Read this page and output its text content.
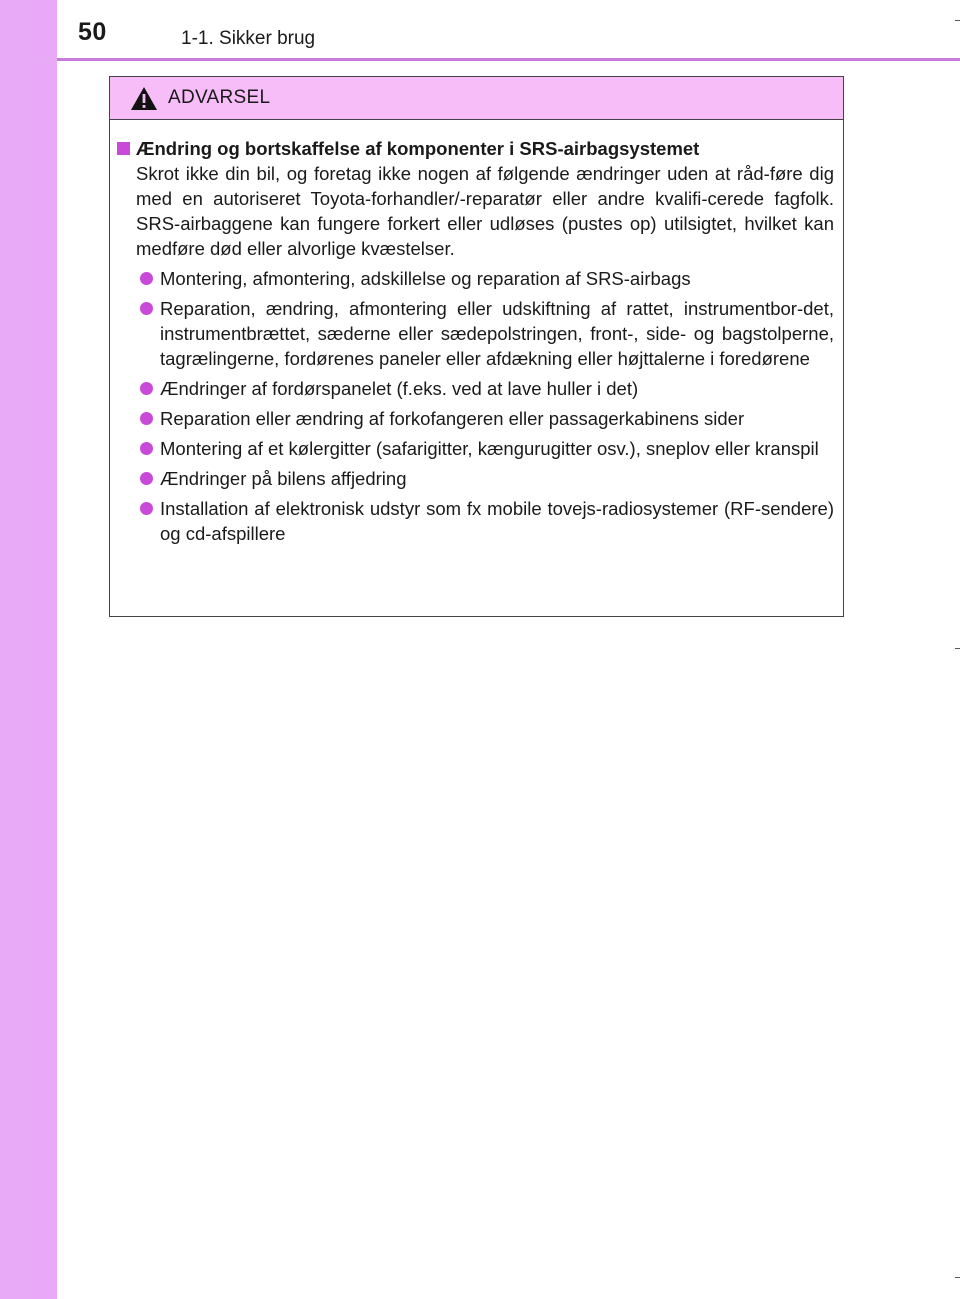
50	1-1. Sikker brug
ADVARSEL
Ændring og bortskaffelse af komponenter i SRS-airbagsystemet

Skrot ikke din bil, og foretag ikke nogen af følgende ændringer uden at råd-føre dig med en autoriseret Toyota-forhandler/-reparatør eller andre kvalifi-cerede fagfolk. SRS-airbaggene kan fungere forkert eller udløses (pustes op) utilsigtet, hvilket kan medføre død eller alvorlige kvæstelser.

Montering, afmontering, adskillelse og reparation af SRS-airbags
Reparation, ændring, afmontering eller udskiftning af rattet, instrumentbor-det, instrumentbrættet, sæderne eller sædepolstringen, front-, side- og bagstolperne, tagrælingerne, fordørenes paneler eller afdækning eller højttalerne i foredørene
Ændringer af fordørspanelet (f.eks. ved at lave huller i det)
Reparation eller ændring af forkofangeren eller passagerkabinens sider
Montering af et kølergitter (safarigitter, kængurugitter osv.), sneplov eller kranspil
Ændringer på bilens affjedring
Installation af elektronisk udstyr som fx mobile tovejs-radiosystemer (RF-sendere) og cd-afspillere
